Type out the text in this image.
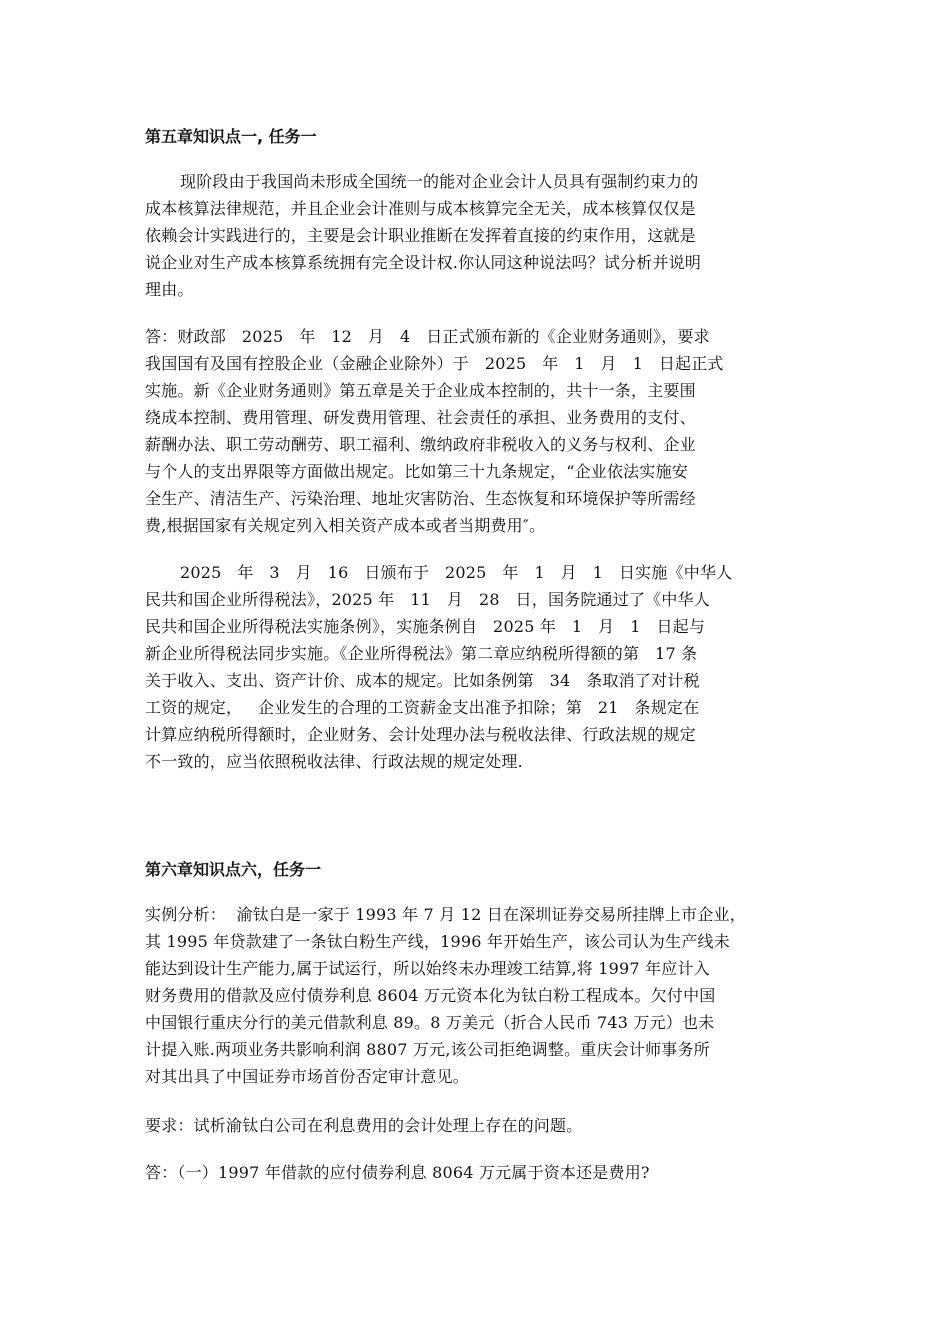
第五章知识点一, 任务一
现阶段由于我国尚未形成全国统一的能对企业会计人员具有强制约束力的
成本核算法律规范，并且企业会计准则与成本核算完全无关，成本核算仅仅是
依赖会计实践进行的，主要是会计职业推断在发挥着直接的约束作用，这就是
说企业对生产成本核算系统拥有完全设计权.你认同这种说法吗？试分析并说明
理由。
答：财政部   2025   年   12   月   4   日正式颁布新的《企业财务通则》，要求
我国国有及国有控股企业（金融企业除外）于   2025   年   1   月   1   日起正式
实施。新《企业财务通则》第五章是关于企业成本控制的，共十一条，主要围
绕成本控制、费用管理、研发费用管理、社会责任的承担、业务费用的支付、
薪酬办法、职工劳动酬劳、职工福利、缴纳政府非税收入的义务与权利、企业
与个人的支出界限等方面做出规定。比如第三十九条规定，“企业依法实施安
全生产、清洁生产、污染治理、地址灾害防治、生态恢复和环境保护等所需经
费,根据国家有关规定列入相关资产成本或者当期费用″。
2025   年   3   月   16   日颁布于   2025   年   1   月   1   日实施《中华人
民共和国企业所得税法》，2025 年   11   月   28   日，国务院通过了《中华人
民共和国企业所得税法实施条例》，实施条例自   2025 年   1   月   1   日起与
新企业所得税法同步实施。《企业所得税法》第二章应纳税所得额的第   17 条
关于收入、支出、资产计价、成本的规定。比如条例第   34   条取消了对计税
工资的规定，   企业发生的合理的工资薪金支出准予扣除；第   21   条规定在
计算应纳税所得额时，企业财务、会计处理办法与税收法律、行政法规的规定
不一致的，应当依照税收法律、行政法规的规定处理.
第六章知识点六，任务一
实例分析：  渝钛白是一家于 1993 年 7 月 12 日在深圳证券交易所挂牌上市企业，
其 1995 年贷款建了一条钛白粉生产线，1996 年开始生产，该公司认为生产线未
能达到设计生产能力,属于试运行，所以始终未办理竣工结算,将 1997 年应计入
财务费用的借款及应付债券利息 8604 万元资本化为钛白粉工程成本。欠付中国
中国银行重庆分行的美元借款利息 89。8 万美元（折合人民币 743 万元）也未
计提入账.两项业务共影响利润 8807 万元,该公司拒绝调整。重庆会计师事务所
对其出具了中国证券市场首份否定审计意见。
要求：试析渝钛白公司在利息费用的会计处理上存在的问题。
答：（一）1997 年借款的应付债券利息 8064 万元属于资本还是费用?
